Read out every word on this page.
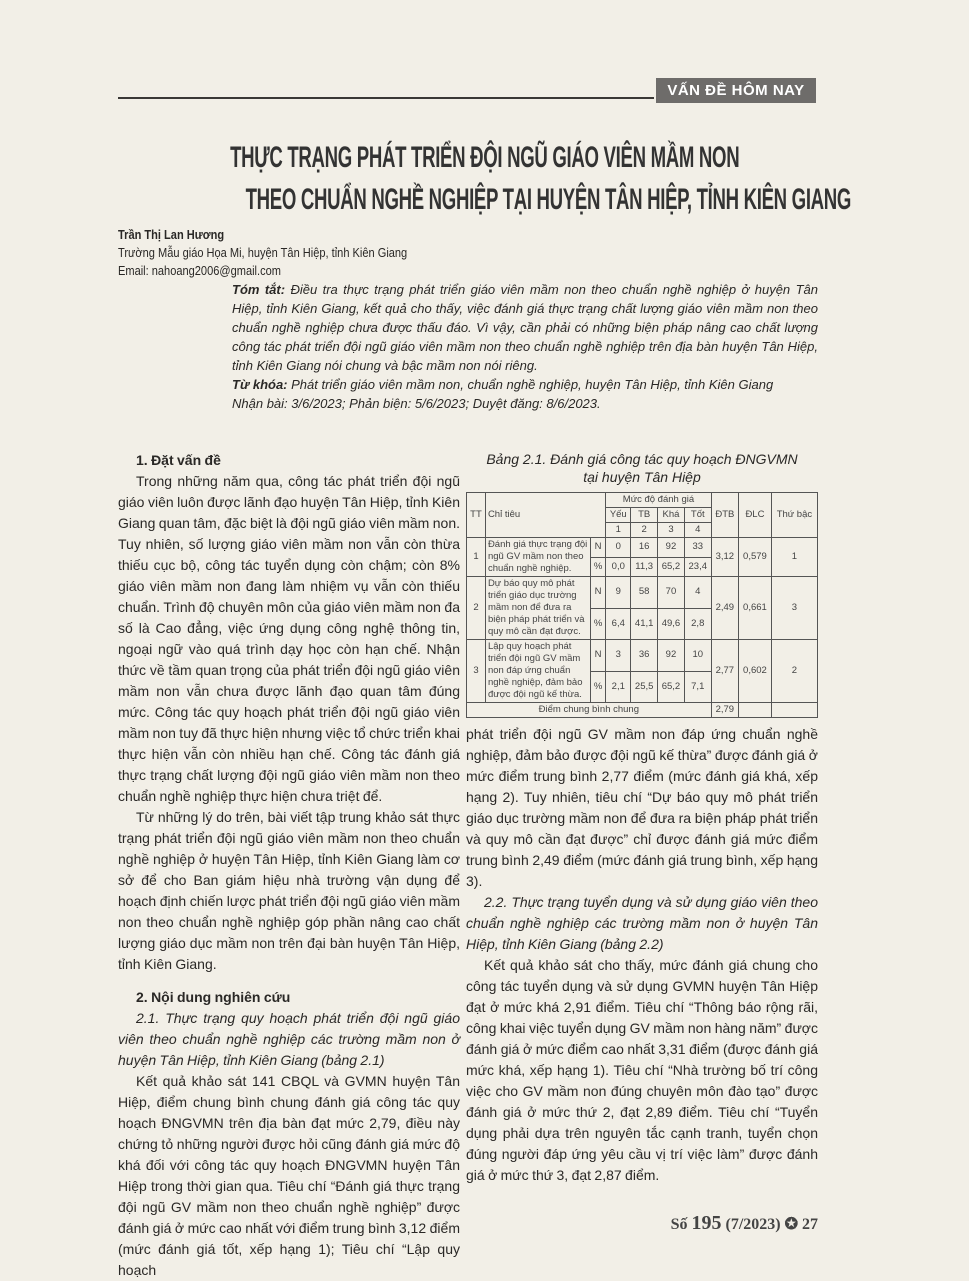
VẤN ĐỀ HÔM NAY
THỰC TRẠNG PHÁT TRIỂN ĐỘI NGŨ GIÁO VIÊN MẦM NON
THEO CHUẨN NGHỀ NGHIỆP TẠI HUYỆN TÂN HIỆP, TỈNH KIÊN GIANG
Trần Thị Lan Hương
Trường Mẫu giáo Họa Mi, huyện Tân Hiệp, tỉnh Kiên Giang
Email: nahoang2006@gmail.com
Tóm tắt: Điều tra thực trạng phát triển giáo viên mầm non theo chuẩn nghề nghiệp ở huyện Tân Hiệp, tỉnh Kiên Giang, kết quả cho thấy, việc đánh giá thực trạng chất lượng giáo viên mầm non theo chuẩn nghề nghiệp chưa được thấu đáo. Vì vậy, cần phải có những biện pháp nâng cao chất lượng công tác phát triển đội ngũ giáo viên mầm non theo chuẩn nghề nghiệp trên địa bàn huyện Tân Hiệp, tỉnh Kiên Giang nói chung và bậc mầm non nói riêng.
Từ khóa: Phát triển giáo viên mầm non, chuẩn nghề nghiệp, huyện Tân Hiệp, tỉnh Kiên Giang
Nhận bài: 3/6/2023; Phản biện: 5/6/2023; Duyệt đăng: 8/6/2023.
1. Đặt vấn đề

Trong những năm qua, công tác phát triển đội ngũ giáo viên luôn được lãnh đạo huyện Tân Hiệp, tỉnh Kiên Giang quan tâm, đặc biệt là đội ngũ giáo viên mầm non. Tuy nhiên, số lượng giáo viên mầm non vẫn còn thừa thiếu cục bộ, công tác tuyển dụng còn chậm; còn 8% giáo viên mầm non đang làm nhiệm vụ vẫn còn thiếu chuẩn. Trình độ chuyên môn của giáo viên mầm non đa số là Cao đẳng, việc ứng dụng công nghệ thông tin, ngoại ngữ vào quá trình dạy học còn hạn chế. Nhận thức về tầm quan trọng của phát triển đội ngũ giáo viên mầm non vẫn chưa được lãnh đạo quan tâm đúng mức. Công tác quy hoạch phát triển đội ngũ giáo viên mầm non tuy đã thực hiện nhưng việc tổ chức triển khai thực hiện vẫn còn nhiều hạn chế. Công tác đánh giá thực trạng chất lượng đội ngũ giáo viên mầm non theo chuẩn nghề nghiệp thực hiện chưa triệt để.

Từ những lý do trên, bài viết tập trung khảo sát thực trạng phát triển đội ngũ giáo viên mầm non theo chuẩn nghề nghiệp ở huyện Tân Hiệp, tỉnh Kiên Giang làm cơ sở để cho Ban giám hiệu nhà trường vận dụng để hoạch định chiến lược phát triển đội ngũ giáo viên mầm non theo chuẩn nghề nghiệp góp phần nâng cao chất lượng giáo dục mầm non trên đại bàn huyện Tân Hiệp, tỉnh Kiên Giang.

2. Nội dung nghiên cứu

2.1. Thực trạng quy hoạch phát triển đội ngũ giáo viên theo chuẩn nghề nghiệp các trường mầm non ở huyện Tân Hiệp, tỉnh Kiên Giang (bảng 2.1)

Kết quả khảo sát 141 CBQL và GVMN huyện Tân Hiệp, điểm chung bình chung đánh giá công tác quy hoạch ĐNGVMN trên địa bàn đạt mức 2,79, điều này chứng tỏ những người được hỏi cũng đánh giá mức độ khá đối với công tác quy hoạch ĐNGVMN huyện Tân Hiệp trong thời gian qua. Tiêu chí “Đánh giá thực trạng đội ngũ GV mầm non theo chuẩn nghề nghiệp” được đánh giá ở mức cao nhất với điểm trung bình 3,12 điểm (mức đánh giá tốt, xếp hạng 1); Tiêu chí “Lập quy hoạch

Bảng 2.1. Đánh giá công tác quy hoạch ĐNGVMN
tại huyện Tân Hiệp
TT	Chỉ tiêu		Mức độ đánh giá				ĐTB	ĐLC	Thứ bậc
			Yếu	TB	Khá	Tốt			
			1	2	3	4			
1	Đánh giá thực trạng đội ngũ GV mầm non theo chuẩn nghề nghiệp.	N	0	16	92	33	3,12	0,579	1
		%	0,0	11,3	65,2	23,4			
2	Dự báo quy mô phát triển giáo dục trường mầm non để đưa ra biện pháp phát triển và quy mô cần đạt được.	N	9	58	70	4	2,49	0,661	3
		%	6,4	41,1	49,6	2,8			
3	Lập quy hoạch phát triển đội ngũ GV mầm non đáp ứng chuẩn nghề nghiệp, đảm bảo được đội ngũ kế thừa.	N	3	36	92	10	2,77	0,602	2
		%	2,1	25,5	65,2	7,1			
Điểm chung bình chung							2,79		

phát triển đội ngũ GV mầm non đáp ứng chuẩn nghề nghiệp, đảm bảo được đội ngũ kế thừa” được đánh giá ở mức điểm trung bình 2,77 điểm (mức đánh giá khá, xếp hạng 2). Tuy nhiên, tiêu chí “Dự báo quy mô phát triển giáo dục trường mầm non để đưa ra biện pháp phát triển và quy mô cần đạt được” chỉ được đánh giá mức điểm trung bình 2,49 điểm (mức đánh giá trung bình, xếp hạng 3).

2.2. Thực trạng tuyển dụng và sử dụng giáo viên theo chuẩn nghề nghiệp các trường mầm non ở huyện Tân Hiệp, tỉnh Kiên Giang (bảng 2.2)

Kết quả khảo sát cho thấy, mức đánh giá chung cho công tác tuyển dụng và sử dụng GVMN huyện Tân Hiệp đạt ở mức khá 2,91 điểm. Tiêu chí “Thông báo rộng rãi, công khai việc tuyển dụng GV mầm non hàng năm” được đánh giá ở mức điểm cao nhất 3,31 điểm (được đánh giá mức khá, xếp hạng 1). Tiêu chí “Nhà trường bố trí công việc cho GV mầm non đúng chuyên môn đào tạo” được đánh giá ở mức thứ 2, đạt 2,89 điểm. Tiêu chí “Tuyển dụng phải dựa trên nguyên tắc cạnh tranh, tuyển chọn đúng người đáp ứng yêu cầu vị trí việc làm” được đánh giá ở mức thứ 3, đạt 2,87 điểm.

Số 195 (7/2023) ✪ 27
